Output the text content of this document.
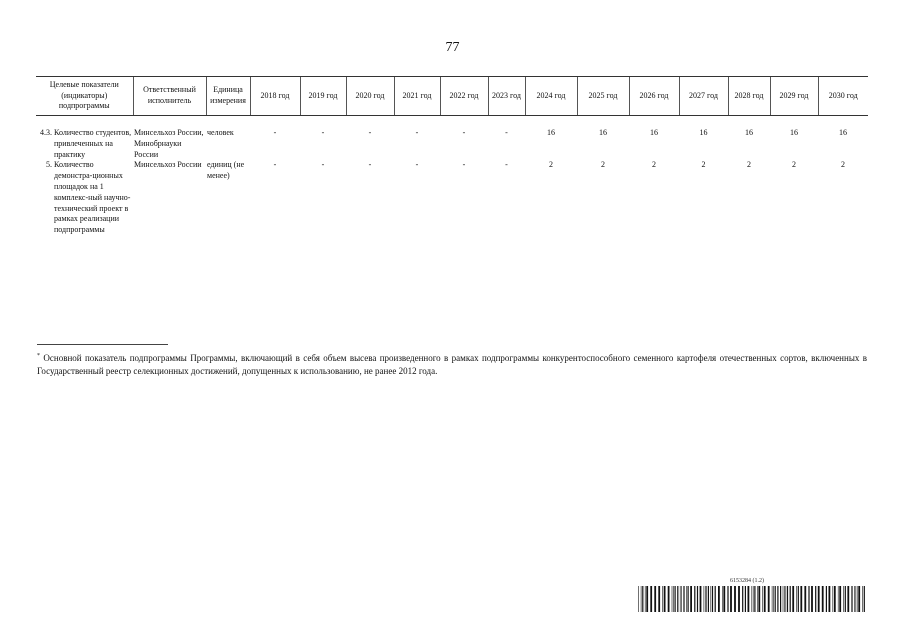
77
Целевые показатели (индикаторы) подпрограммы		Ответственный исполнитель	Единица измерения	2018 год	2019 год	2020 год	2021 год	2022 год	2023 год	2024 год	2025 год	2026 год	2027 год	2028 год	2029 год	2030 год

4.3.	Количество студентов, привлеченных на практику	Минсельхоз России, Минобрнауки России	человек	-	-	-	-	-	-	16	16	16	16	16	16	16
5.	Количество демонстра-ционных площадок на 1 комплекс-ный научно-технический проект в рамках реализации подпрограммы	Минсельхоз России	единиц (не менее)	-	-	-	-	-	-	2	2	2	2	2	2	2
* Основной показатель подпрограммы Программы, включающий в себя объем высева произведенного в рамках подпрограммы конкурентоспособного семенного картофеля отечественных сортов, включенных в Государственный реестр селекционных достижений, допущенных к использованию, не ранее 2012 года.
6153284 (1.2)
